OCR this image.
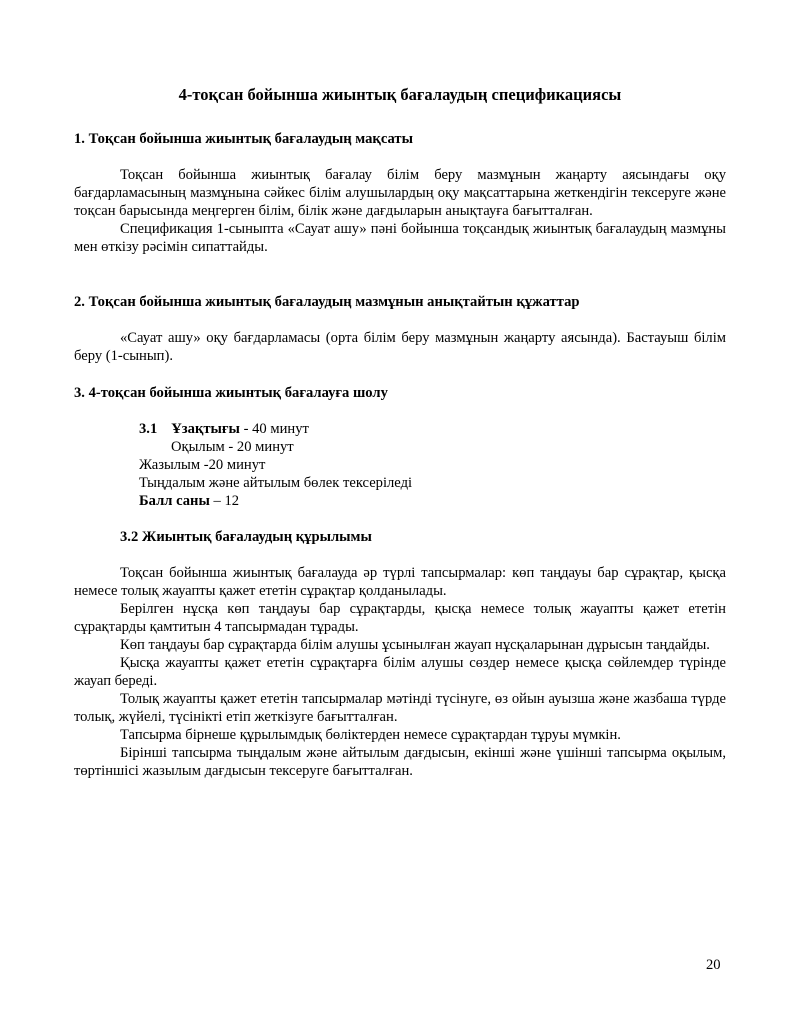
4-тоқсан бойынша жиынтық бағалаудың спецификациясы

1. Тоқсан бойынша жиынтық бағалаудың мақсаты

Тоқсан бойынша жиынтық бағалау білім беру мазмұнын жаңарту аясындағы оқу бағдарламасының мазмұнына сәйкес білім алушылардың оқу мақсаттарына жеткендігін тексеруге және тоқсан барысында меңгерген білім, білік және дағдыларын анықтауға бағытталған.

Спецификация 1-сыныпта «Сауат ашу» пәні бойынша тоқсандық жиынтық бағалаудың мазмұны мен өткізу рәсімін сипаттайды.

2. Тоқсан бойынша жиынтық бағалаудың мазмұнын анықтайтын құжаттар

«Сауат ашу» оқу бағдарламасы (орта білім беру мазмұнын жаңарту аясында). Бастауыш білім беру (1-сынып).

3. 4-тоқсан бойынша жиынтық бағалауға шолу

3.1 Ұзақтығы - 40 минут

Оқылым - 20 минут

Жазылым -20 минут

Тыңдалым және айтылым бөлек тексеріледі

Балл саны – 12

3.2 Жиынтық бағалаудың құрылымы

Тоқсан бойынша жиынтық бағалауда әр түрлі тапсырмалар: көп таңдауы бар сұрақтар, қысқа немесе толық жауапты қажет ететін сұрақтар қолданылады.

Берілген нұсқа көп таңдауы бар сұрақтарды, қысқа немесе толық жауапты қажет ететін сұрақтарды қамтитын 4 тапсырмадан тұрады.

Көп таңдауы бар сұрақтарда білім алушы ұсынылған жауап нұсқаларынан дұрысын таңдайды.

Қысқа жауапты қажет ететін сұрақтарға білім алушы сөздер немесе қысқа сөйлемдер түрінде жауап береді.

Толық жауапты қажет ететін тапсырмалар мәтінді түсінуге, өз ойын ауызша және жазбаша түрде толық, жүйелі, түсінікті етіп жеткізуге бағытталған.

Тапсырма бірнеше құрылымдық бөліктерден немесе сұрақтардан тұруы мүмкін.

Бірінші тапсырма тыңдалым және айтылым дағдысын, екінші және үшінші тапсырма оқылым, төртіншісі жазылым дағдысын тексеруге бағытталған.

20
